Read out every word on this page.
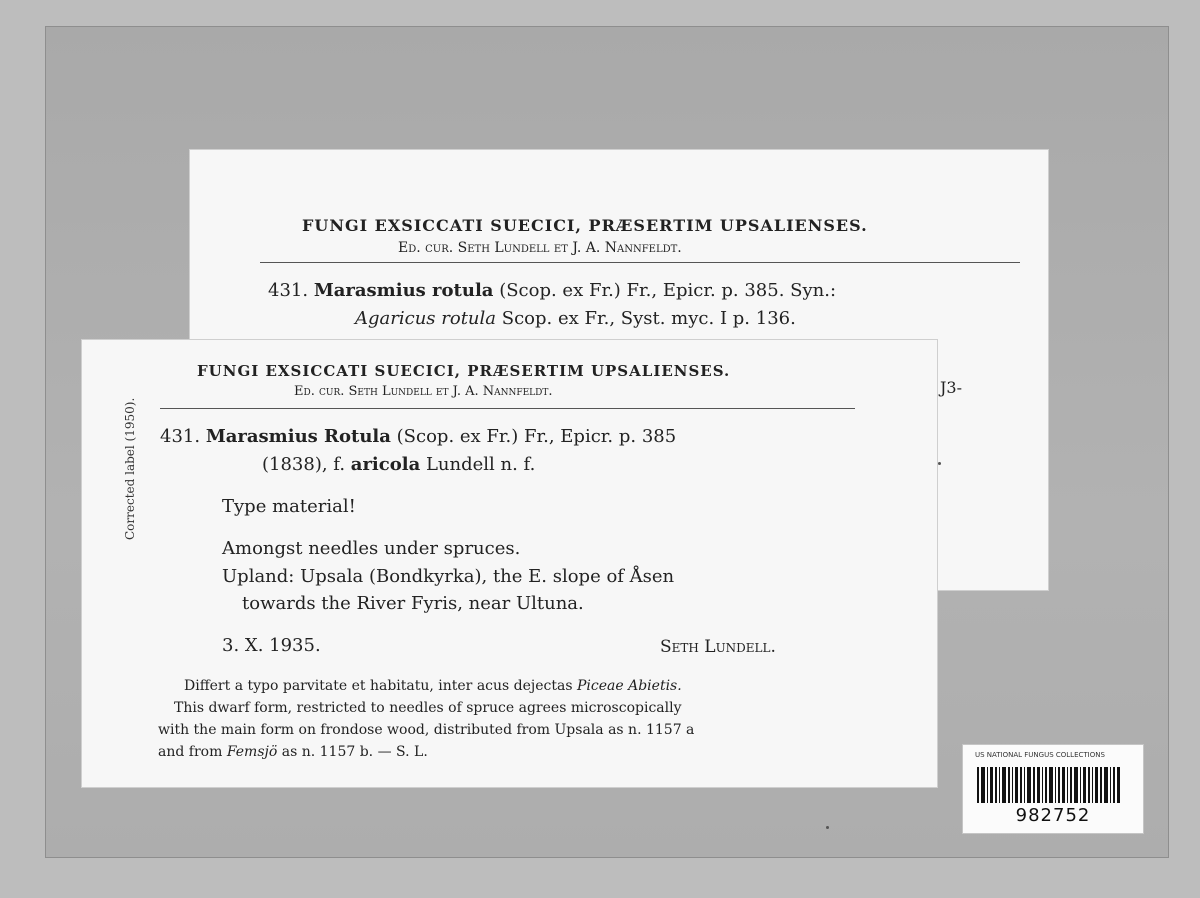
FUNGI EXSICCATI SUECICI, PRÆSERTIM UPSALIENSES.
Ed. cur. Seth Lundell et J. A. Nannfeldt.
431. Marasmius rotula (Scop. ex Fr.) Fr., Epicr. p. 385. Syn.:
Agaricus rotula Scop. ex Fr., Syst. myc. I p. 136.
J3-
FUNGI EXSICCATI SUECICI, PRÆSERTIM UPSALIENSES.
Ed. cur. Seth Lundell et J. A. Nannfeldt.
431. Marasmius Rotula (Scop. ex Fr.) Fr., Epicr. p. 385
(1838), f. aricola Lundell n. f.
Type material!
Amongst needles under spruces.
Upland: Upsala (Bondkyrka), the E. slope of Åsen
towards the River Fyris, near Ultuna.
3. X. 1935.	Seth Lundell.
Differt a typo parvitate et habitatu, inter acus dejectas Piceae Abietis.
This dwarf form, restricted to needles of spruce agrees microscopically
with the main form on frondose wood, distributed from Upsala as n. 1157 a
and from Femsjö as n. 1157 b. — S. L.
Corrected label (1950).
US NATIONAL FUNGUS COLLECTIONS
982752
